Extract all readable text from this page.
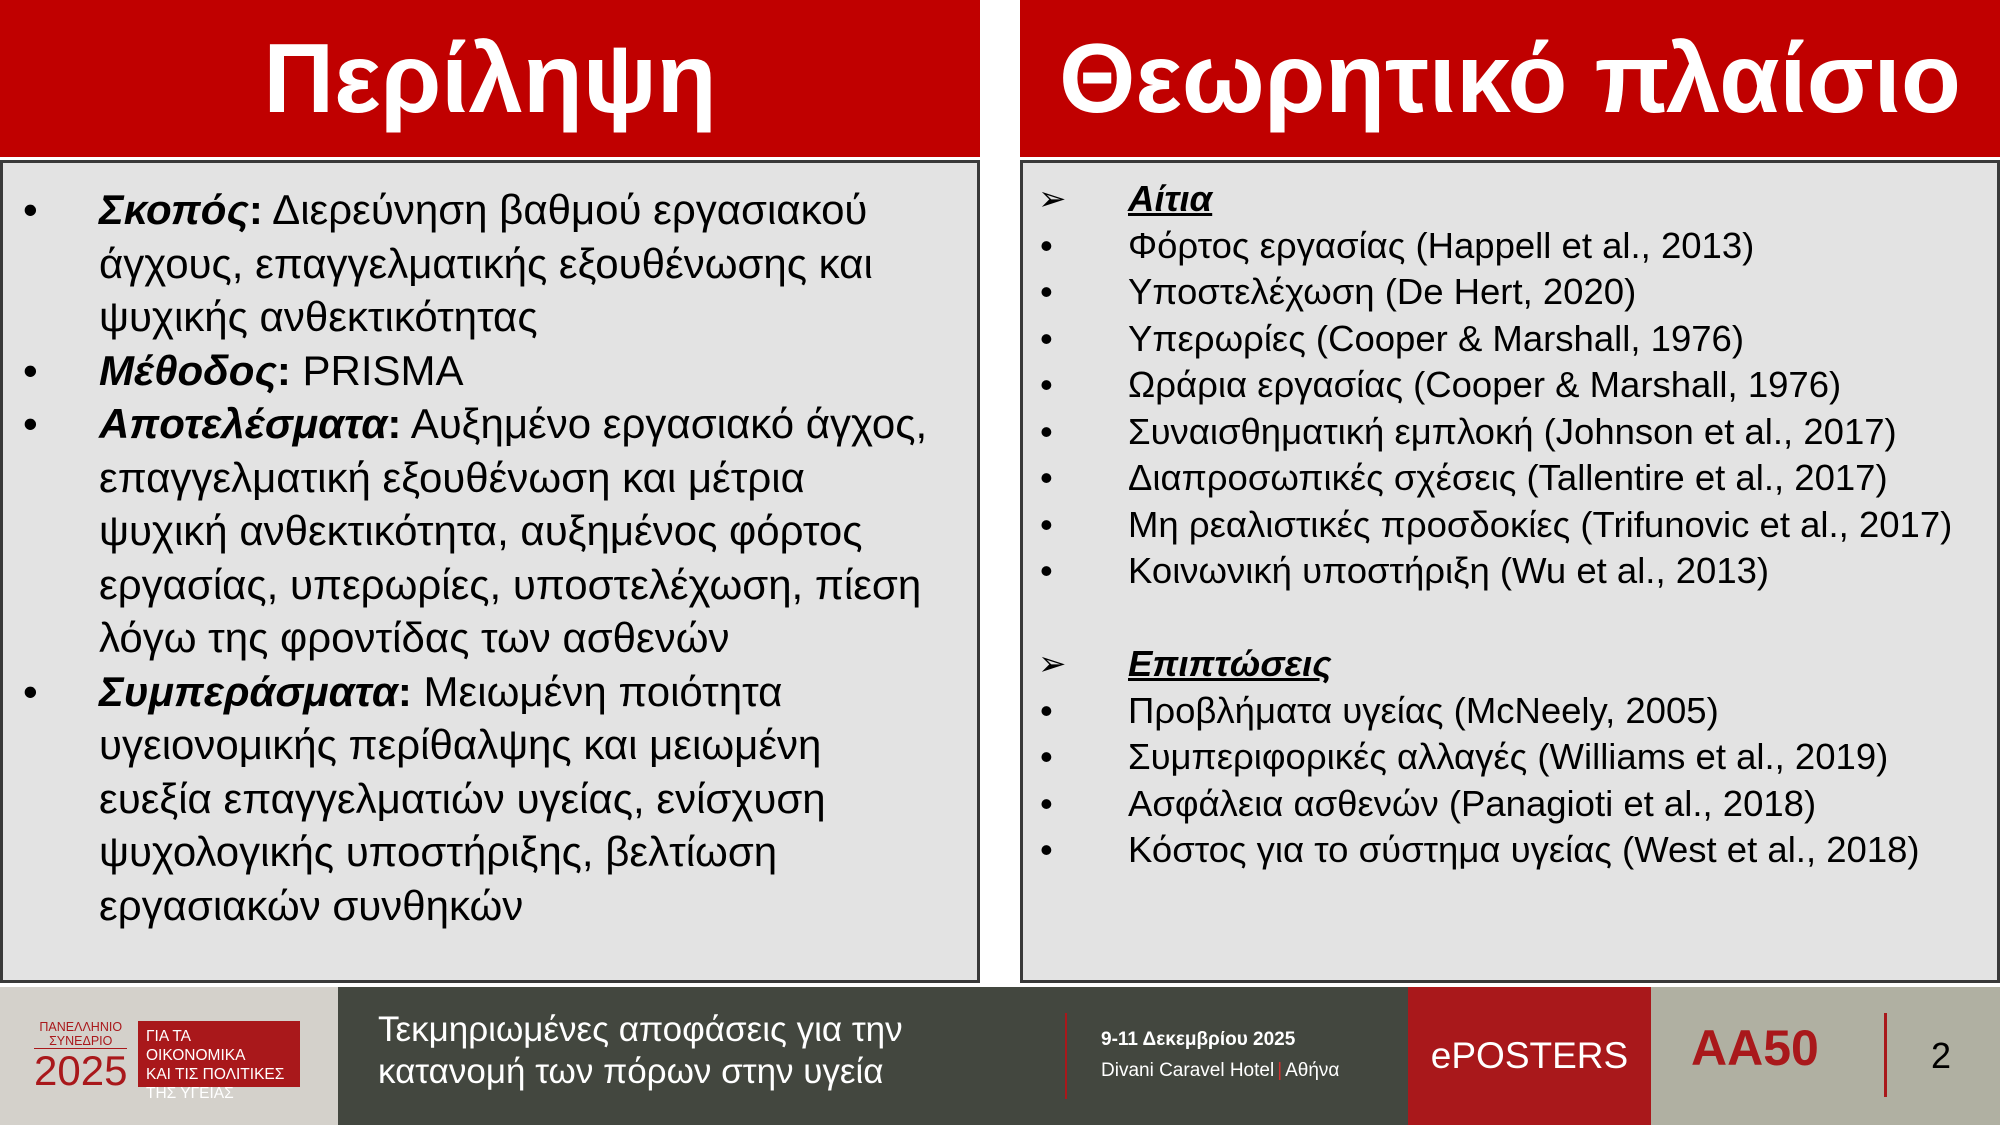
Περίληψη	Θεωρητικό πλαίσιο
• Σκοπός: Διερεύνηση βαθμού εργασιακού άγχους, επαγγελματικής εξουθένωσης και ψυχικής ανθεκτικότητας
• Μέθοδος: PRISMA
• Αποτελέσματα: Αυξημένο εργασιακό άγχος, επαγγελματική εξουθένωση και μέτρια ψυχική ανθεκτικότητα, αυξημένος φόρτος εργασίας, υπερωρίες, υποστελέχωση, πίεση λόγω της φροντίδας των ασθενών
• Συμπεράσματα: Μειωμένη ποιότητα υγειονομικής περίθαλψης και μειωμένη ευεξία επαγγελματιών υγείας, ενίσχυση ψυχολογικής υποστήριξης, βελτίωση εργασιακών συνθηκών
➢ Αίτια
• Φόρτος εργασίας (Happell et al., 2013)
• Υποστελέχωση (De Hert, 2020)
• Υπερωρίες (Cooper & Marshall, 1976)
• Ωράρια εργασίας (Cooper & Marshall, 1976)
• Συναισθηματική εμπλοκή (Johnson et al., 2017)
• Διαπροσωπικές σχέσεις (Tallentire et al., 2017)
• Μη ρεαλιστικές προσδοκίες (Trifunovic et al., 2017)
• Κοινωνική υποστήριξη (Wu et al., 2013)
➢ Επιπτώσεις
• Προβλήματα υγείας (McNeely, 2005)
• Συμπεριφορικές αλλαγές (Williams et al., 2019)
• Ασφάλεια ασθενών (Panagioti et al., 2018)
• Κόστος για το σύστημα υγείας (West et al., 2018)
ΠΑΝΕΛΛΗΝΙΟ
ΣΥΝΕΔΡΙΟ
2025
ΓΙΑ ΤΑ ΟΙΚΟΝΟΜΙΚΑ
ΚΑΙ ΤΙΣ ΠΟΛΙΤΙΚΕΣ
ΤΗΣ ΥΓΕΙΑΣ
Τεκμηριωμένες αποφάσεις για την
κατανομή των πόρων στην υγεία
9-11 Δεκεμβρίου 2025
Divani Caravel Hotel | Αθήνα ePOSTERS ΑΑ50	2
